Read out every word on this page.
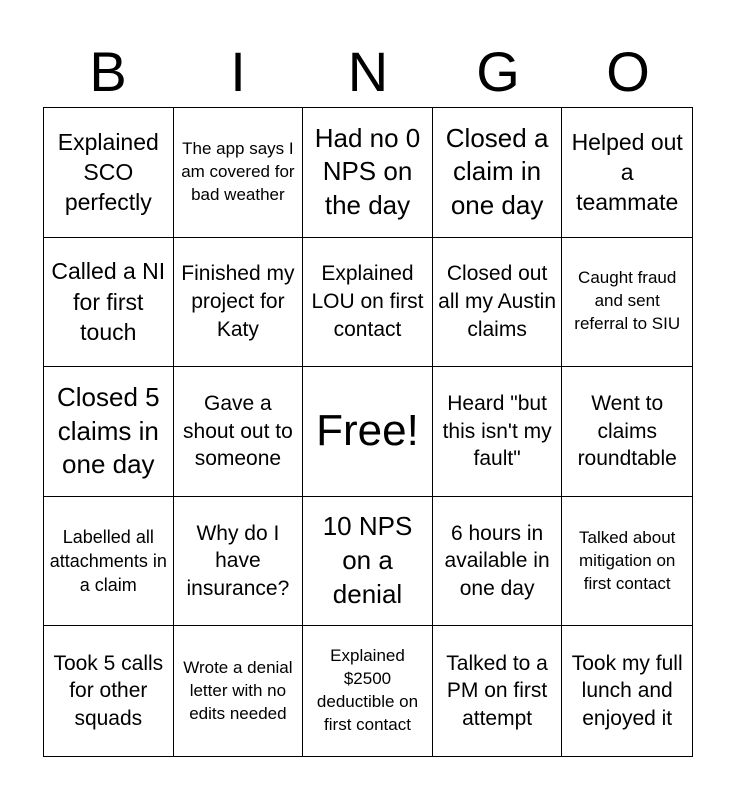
B	I	N	G	O
Explained SCO perfectly
The app says I am covered for bad weather
Had no 0 NPS on the day
Closed a claim in one day
Helped out a teammate
Called a NI for first touch
Finished my project for Katy
Explained LOU on first contact
Closed out all my Austin claims
Caught fraud and sent referral to SIU
Closed 5 claims in one day
Gave a shout out to someone
Free!
Heard "but this isn't my fault"
Went to claims roundtable
Labelled all attachments in a claim
Why do I have insurance?
10 NPS on a denial
6 hours in available in one day
Talked about mitigation on first contact
Took 5 calls for other squads
Wrote a denial letter with no edits needed
Explained $2500 deductible on first contact
Talked to a PM on first attempt
Took my full lunch and enjoyed it
